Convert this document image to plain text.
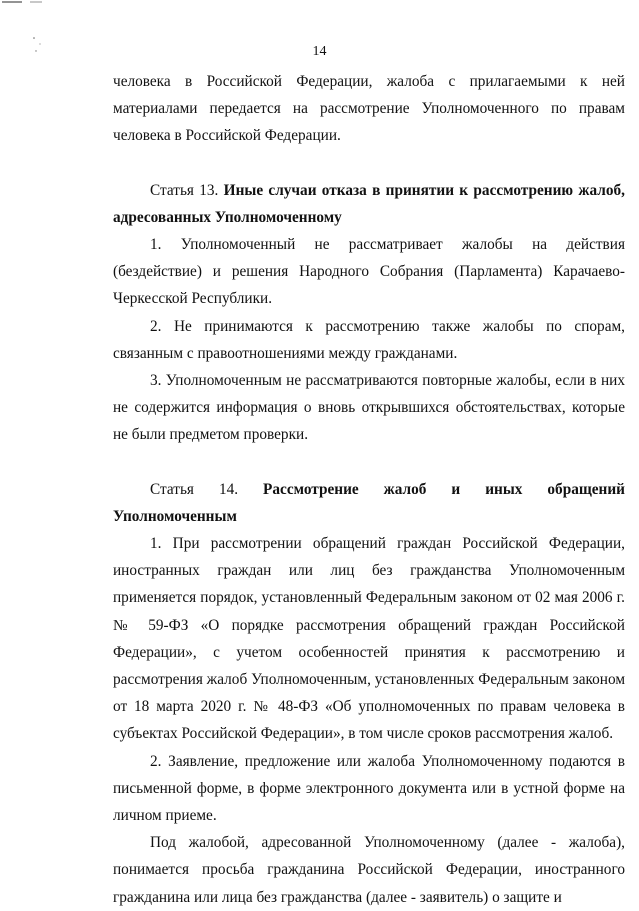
14

человека в Российской Федерации, жалоба с прилагаемыми к ней материалами передается на рассмотрение Уполномоченного по правам человека в Российской Федерации.

Статья 13. Иные случаи отказа в принятии к рассмотрению жалоб, адресованных Уполномоченному

1. Уполномоченный не рассматривает жалобы на действия (бездействие) и решения Народного Собрания (Парламента) Карачаево-Черкесской Республики.

2. Не принимаются к рассмотрению также жалобы по спорам, связанным с правоотношениями между гражданами.

3. Уполномоченным не рассматриваются повторные жалобы, если в них не содержится информация о вновь открывшихся обстоятельствах, которые не были предметом проверки.

Статья 14. Рассмотрение жалоб и иных обращений Уполномоченным

1. При рассмотрении обращений граждан Российской Федерации, иностранных граждан или лиц без гражданства Уполномоченным применяется порядок, установленный Федеральным законом от 02 мая 2006 г. № 59-ФЗ «О порядке рассмотрения обращений граждан Российской Федерации», с учетом особенностей принятия к рассмотрению и рассмотрения жалоб Уполномоченным, установленных Федеральным законом от 18 марта 2020 г. № 48-ФЗ «Об уполномоченных по правам человека в субъектах Российской Федерации», в том числе сроков рассмотрения жалоб.

2. Заявление, предложение или жалоба Уполномоченному подаются в письменной форме, в форме электронного документа или в устной форме на личном приеме.

Под жалобой, адресованной Уполномоченному (далее - жалоба), понимается просьба гражданина Российской Федерации, иностранного гражданина или лица без гражданства (далее - заявитель) о защите и
